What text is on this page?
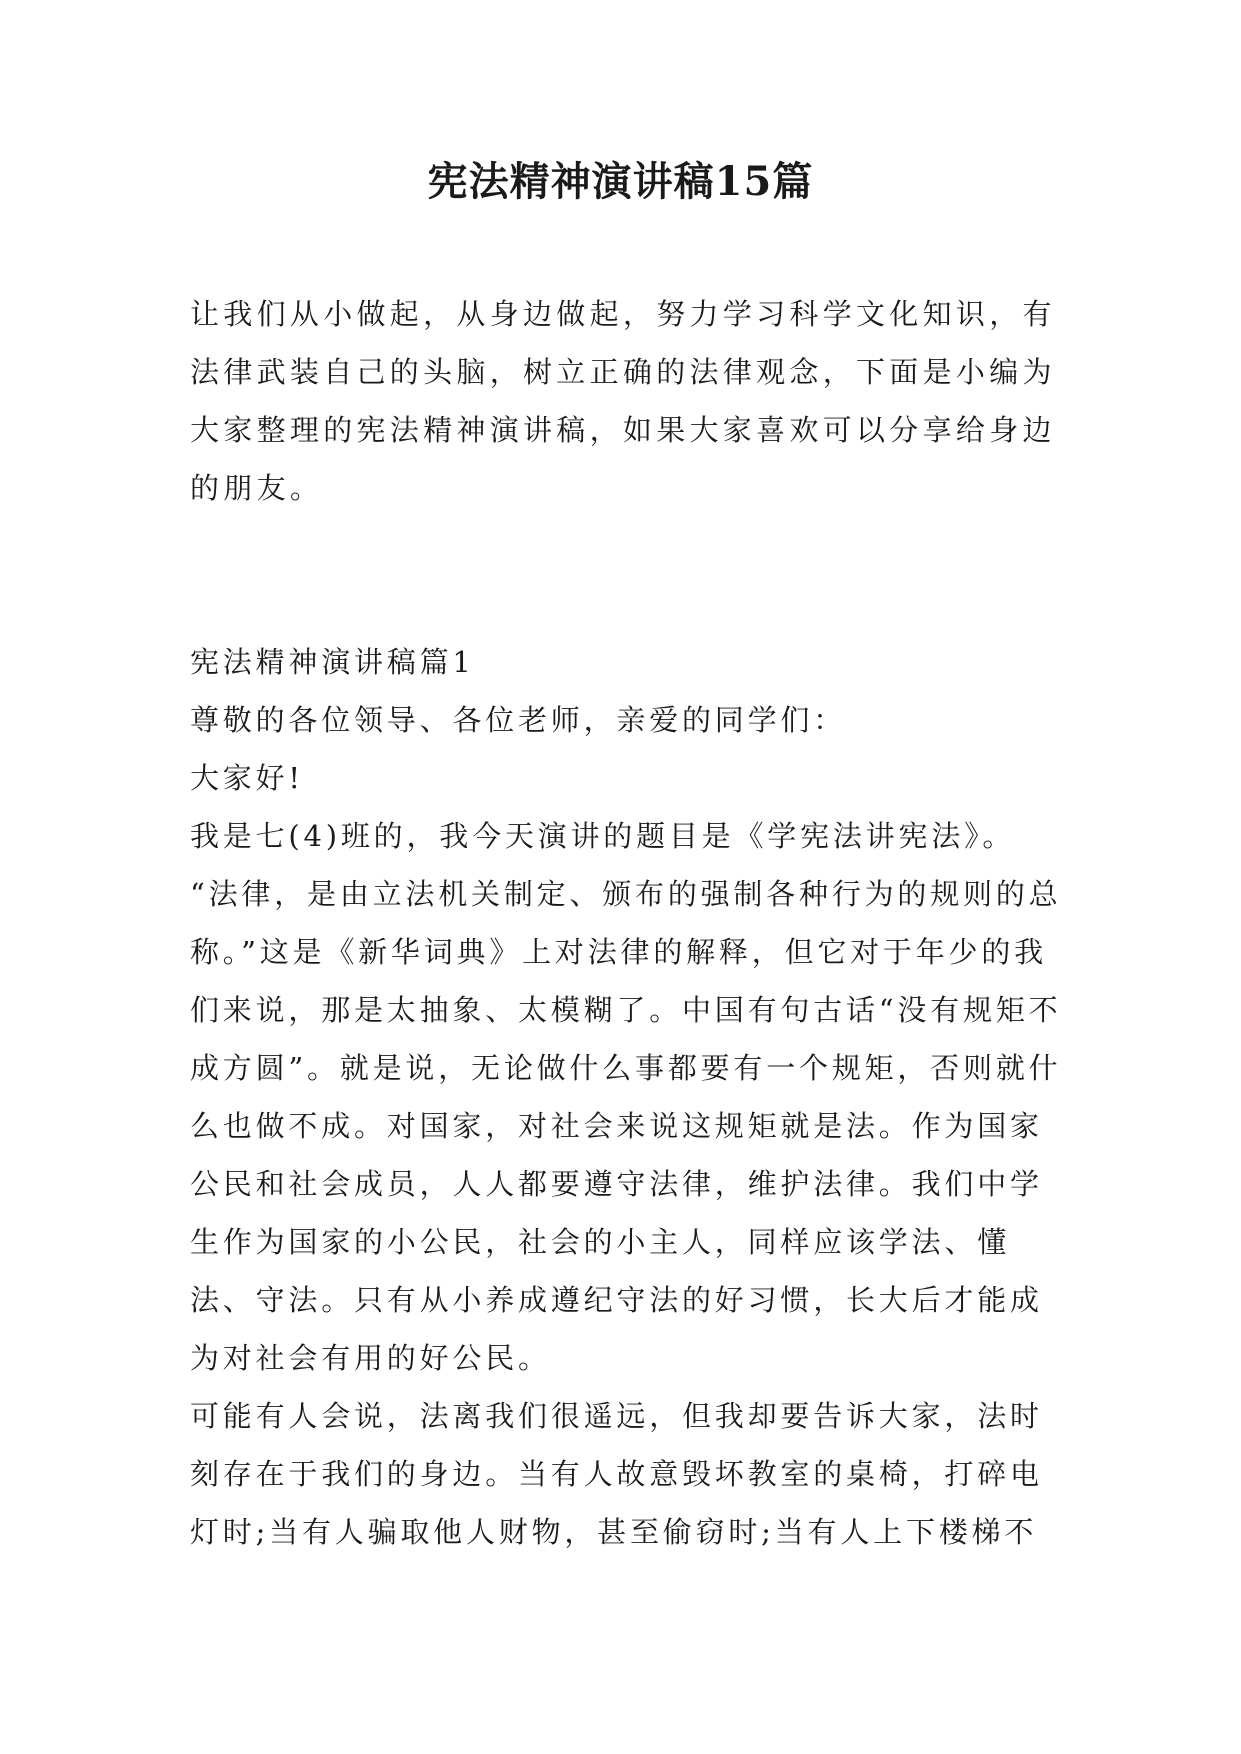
宪法精神演讲稿15篇

让我们从小做起，从身边做起，努力学习科学文化知识，有法律武装自己的头脑，树立正确的法律观念，下面是小编为大家整理的宪法精神演讲稿，如果大家喜欢可以分享给身边的朋友。

宪法精神演讲稿篇1

尊敬的各位领导、各位老师，亲爱的同学们：

大家好!

我是七(4)班的，我今天演讲的题目是《学宪法讲宪法》。

“法律，是由立法机关制定、颁布的强制各种行为的规则的总称。”这是《新华词典》上对法律的解释，但它对于年少的我们来说，那是太抽象、太模糊了。中国有句古话“没有规矩不成方圆”。就是说，无论做什么事都要有一个规矩，否则就什么也做不成。对国家，对社会来说这规矩就是法。作为国家公民和社会成员，人人都要遵守法律，维护法律。我们中学生作为国家的小公民，社会的小主人，同样应该学法、懂法、守法。只有从小养成遵纪守法的好习惯，长大后才能成为对社会有用的好公民。

可能有人会说，法离我们很遥远，但我却要告诉大家，法时刻存在于我们的身边。当有人故意毁坏教室的桌椅，打碎电灯时;当有人骗取他人财物，甚至偷窃时;当有人上下楼梯不
